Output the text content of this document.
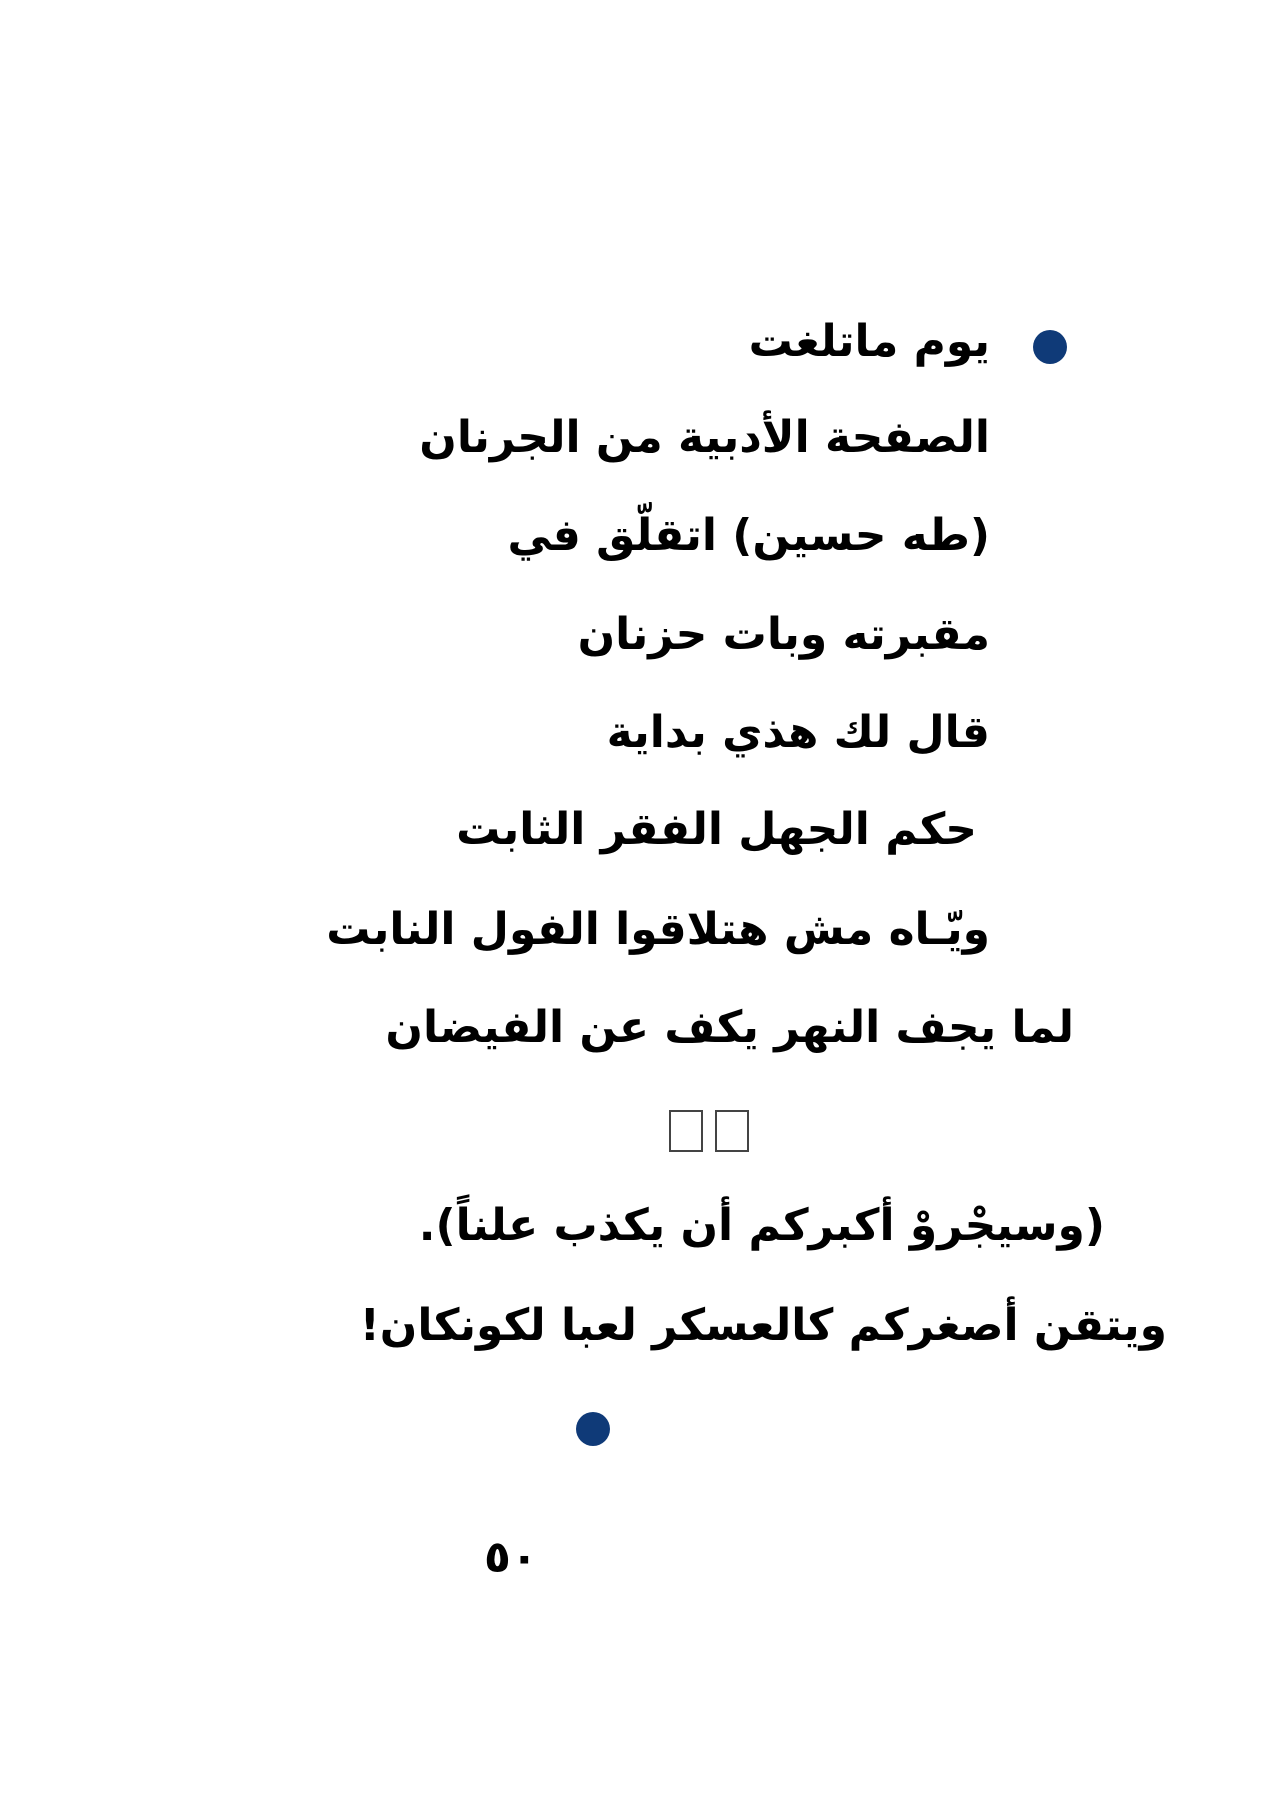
يوم ماتلغت
الصفحة الأدبية من الجرنان
(طه حسين) اتقلّق في
مقبرته وبات حزنان
قال لك هذي بداية
حكم الجهل الفقر الثابت
ويّـاه مش هتلاقوا الفول النابت
لما يجف النهر يكف عن الفيضان
(وسيجْروْ أكبركم أن يكذب علناً).
ويتقن أصغركم كالعسكر لعبا لكونكان!
٥٠
